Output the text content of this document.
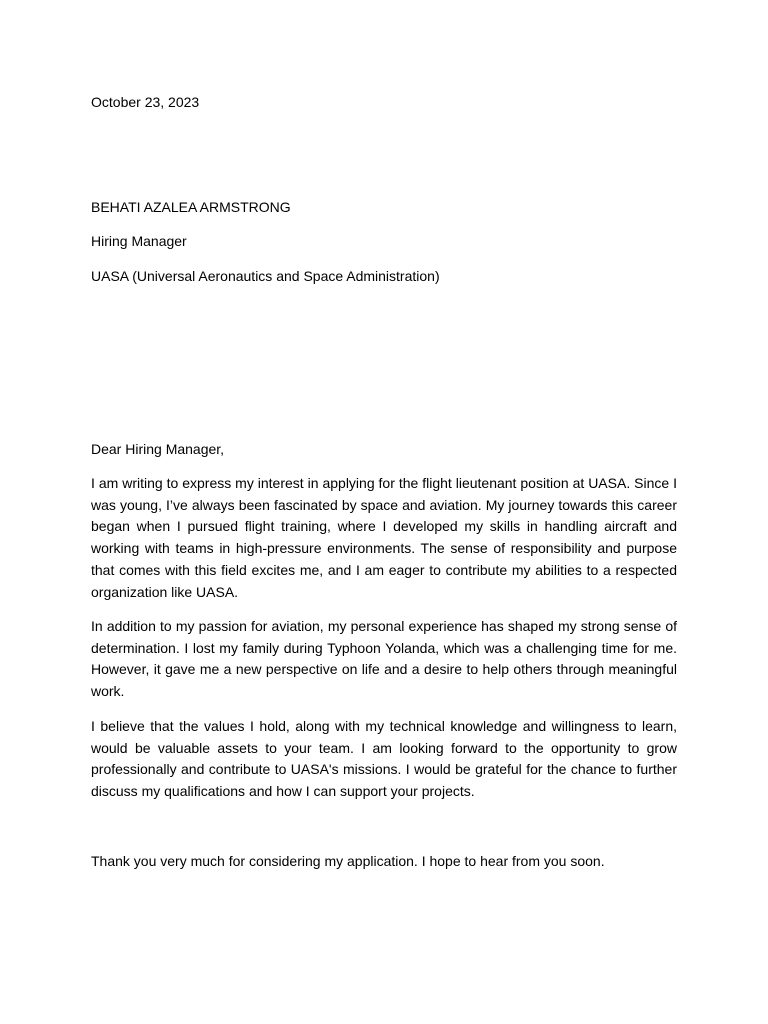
October 23, 2023
BEHATI AZALEA ARMSTRONG
Hiring Manager
UASA (Universal Aeronautics and Space Administration)
Dear Hiring Manager,
I am writing to express my interest in applying for the flight lieutenant position at UASA. Since I was young, I’ve always been fascinated by space and aviation. My journey towards this career began when I pursued flight training, where I developed my skills in handling aircraft and working with teams in high-pressure environments. The sense of responsibility and purpose that comes with this field excites me, and I am eager to contribute my abilities to a respected organization like UASA.
In addition to my passion for aviation, my personal experience has shaped my strong sense of determination. I lost my family during Typhoon Yolanda, which was a challenging time for me. However, it gave me a new perspective on life and a desire to help others through meaningful work.
I believe that the values I hold, along with my technical knowledge and willingness to learn, would be valuable assets to your team. I am looking forward to the opportunity to grow professionally and contribute to UASA's missions. I would be grateful for the chance to further discuss my qualifications and how I can support your projects.
Thank you very much for considering my application. I hope to hear from you soon.
